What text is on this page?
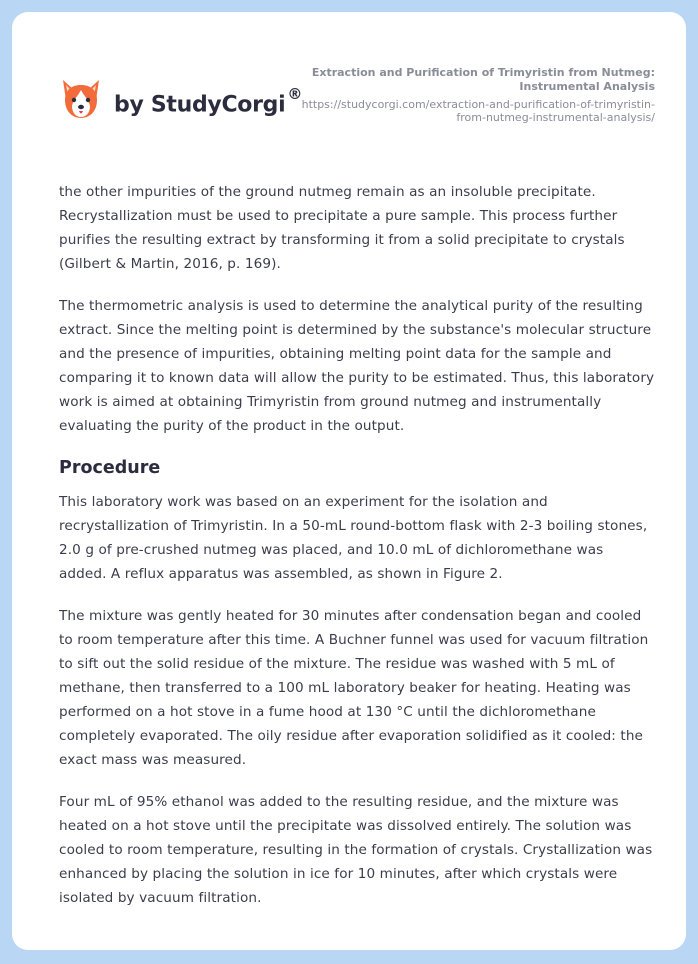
by StudyCorgi ®
Extraction and Purification of Trimyristin from Nutmeg: Instrumental Analysis
https://studycorgi.com/extraction-and-purification-of-trimyristin-from-nutmeg-instrumental-analysis/

the other impurities of the ground nutmeg remain as an insoluble precipitate. Recrystallization must be used to precipitate a pure sample. This process further purifies the resulting extract by transforming it from a solid precipitate to crystals (Gilbert & Martin, 2016, p. 169).

The thermometric analysis is used to determine the analytical purity of the resulting extract. Since the melting point is determined by the substance's molecular structure and the presence of impurities, obtaining melting point data for the sample and comparing it to known data will allow the purity to be estimated. Thus, this laboratory work is aimed at obtaining Trimyristin from ground nutmeg and instrumentally evaluating the purity of the product in the output.

Procedure

This laboratory work was based on an experiment for the isolation and recrystallization of Trimyristin. In a 50-mL round-bottom flask with 2-3 boiling stones, 2.0 g of pre-crushed nutmeg was placed, and 10.0 mL of dichloromethane was added. A reflux apparatus was assembled, as shown in Figure 2.

The mixture was gently heated for 30 minutes after condensation began and cooled to room temperature after this time. A Buchner funnel was used for vacuum filtration to sift out the solid residue of the mixture. The residue was washed with 5 mL of methane, then transferred to a 100 mL laboratory beaker for heating. Heating was performed on a hot stove in a fume hood at 130 °C until the dichloromethane completely evaporated. The oily residue after evaporation solidified as it cooled: the exact mass was measured.

Four mL of 95% ethanol was added to the resulting residue, and the mixture was heated on a hot stove until the precipitate was dissolved entirely. The solution was cooled to room temperature, resulting in the formation of crystals. Crystallization was enhanced by placing the solution in ice for 10 minutes, after which crystals were isolated by vacuum filtration.
